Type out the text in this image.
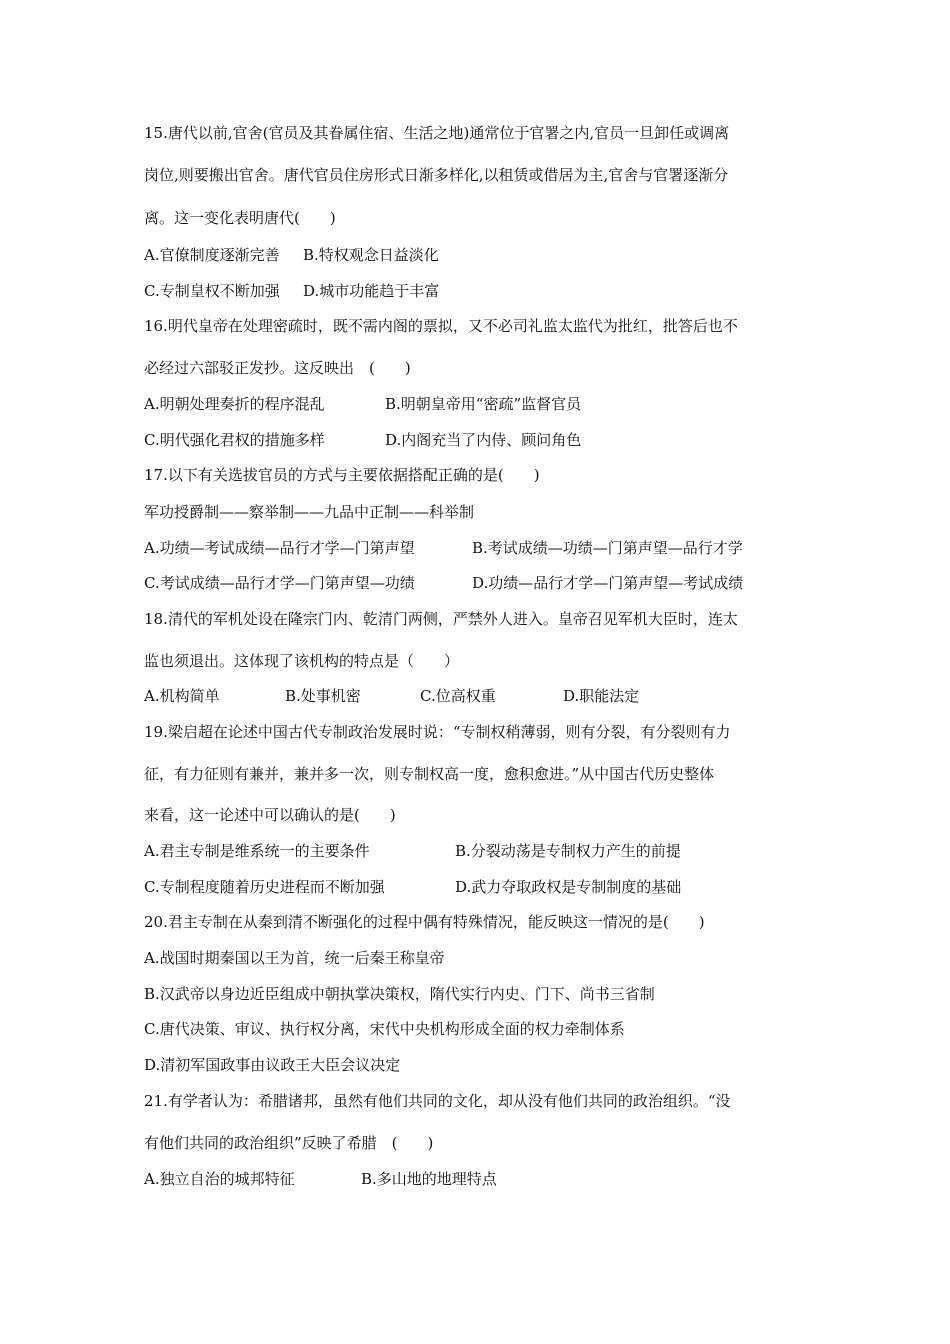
15.唐代以前,官舍(官员及其眷属住宿、生活之地)通常位于官署之内,官员一旦卸任或调离
岗位,则要搬出官舍。唐代官员住房形式日渐多样化,以租赁或借居为主,官舍与官署逐渐分
离。这一变化表明唐代(　　)
A.官僚制度逐渐完善 B.特权观念日益淡化
C.专制皇权不断加强 D.城市功能趋于丰富
16.明代皇帝在处理密疏时，既不需内阁的票拟，又不必司礼监太监代为批红，批答后也不
必经过六部驳正发抄。这反映出　(　　)
A.明朝处理奏折的程序混乱	B.明朝皇帝用“密疏”监督官员
C.明代强化君权的措施多样	D.内阁充当了内侍、顾问角色
17.以下有关选拔官员的方式与主要依据搭配正确的是(　　)
军功授爵制——察举制——九品中正制——科举制
A.功绩—考试成绩—品行才学—门第声望	B.考试成绩—功绩—门第声望—品行才学
C.考试成绩—品行才学—门第声望—功绩	D.功绩—品行才学—门第声望—考试成绩
18.清代的军机处设在隆宗门内、乾清门两侧，严禁外人进入。皇帝召见军机大臣时，连太
监也须退出。这体现了该机构的特点是（　　）
A.机构简单	B.处事机密	C.位高权重	D.职能法定
19.梁启超在论述中国古代专制政治发展时说：“专制权稍薄弱，则有分裂，有分裂则有力
征，有力征则有兼并，兼并多一次，则专制权高一度，愈积愈进。”从中国古代历史整体
来看，这一论述中可以确认的是(　　)
A.君主专制是维系统一的主要条件	B.分裂动荡是专制权力产生的前提
C.专制程度随着历史进程而不断加强	D.武力夺取政权是专制制度的基础
20.君主专制在从秦到清不断强化的过程中偶有特殊情况，能反映这一情况的是(　　)
A.战国时期秦国以王为首，统一后秦王称皇帝
B.汉武帝以身边近臣组成中朝执掌决策权，隋代实行内史、门下、尚书三省制
C.唐代决策、审议、执行权分离，宋代中央机构形成全面的权力牵制体系
D.清初军国政事由议政王大臣会议决定
21.有学者认为：希腊诸邦，虽然有他们共同的文化，却从没有他们共同的政治组织。“没
有他们共同的政治组织”反映了希腊　(　　)
A.独立自治的城邦特征	B.多山地的地理特点
